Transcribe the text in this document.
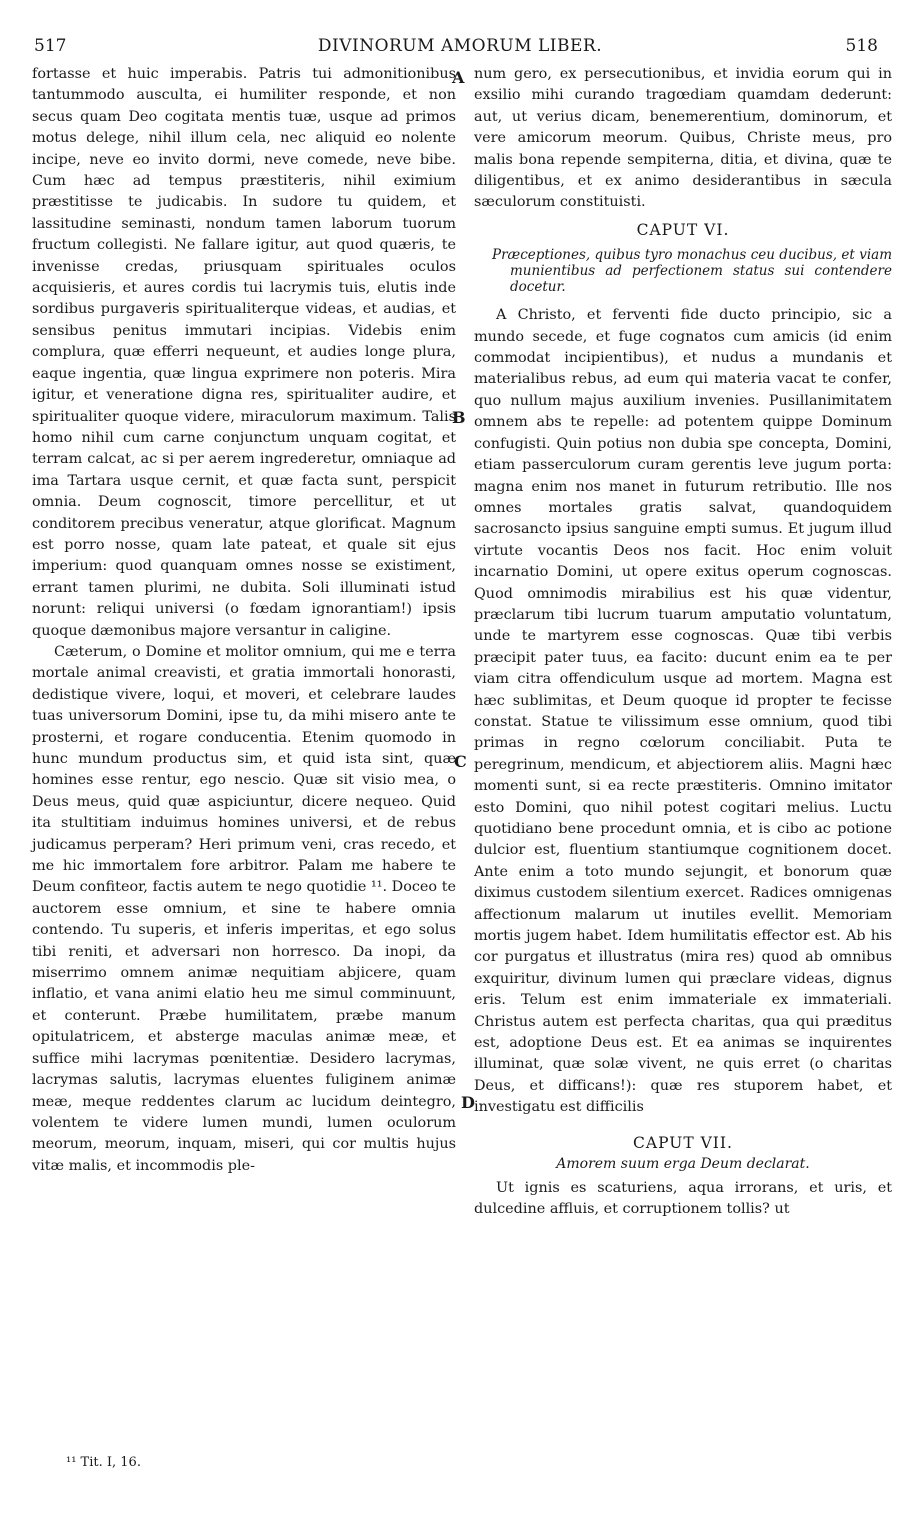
517	DIVINORUM AMORUM LIBER.	518
A
B
C
D

fortasse et huic imperabis. Patris tui admonitionibus tantummodo ausculta, ei humiliter responde, et non secus quam Deo cogitata mentis tuæ, usque ad primos motus delege, nihil illum cela, nec aliquid eo nolente incipe, neve eo invito dormi, neve comede, neve bibe. Cum hæc ad tempus præstiteris, nihil eximium præstitisse te judicabis. In sudore tu quidem, et lassitudine seminasti, nondum tamen laborum tuorum fructum collegisti. Ne fallare igitur, aut quod quæris, te invenisse credas, priusquam spirituales oculos acquisieris, et aures cordis tui lacrymis tuis, elutis inde sordibus purgaveris spiritualiterque videas, et audias, et sensibus penitus immutari incipias. Videbis enim complura, quæ efferri nequeunt, et audies longe plura, eaque ingentia, quæ lingua exprimere non poteris. Mira igitur, et veneratione digna res, spiritualiter audire, et spiritualiter quoque videre, miraculorum maximum. Talis homo nihil cum carne conjunctum unquam cogitat, et terram calcat, ac si per aerem ingrederetur, omniaque ad ima Tartara usque cernit, et quæ facta sunt, perspicit omnia. Deum cognoscit, timore percellitur, et ut conditorem precibus veneratur, atque glorificat. Magnum est porro nosse, quam late pateat, et quale sit ejus imperium: quod quanquam omnes nosse se existiment, errant tamen plurimi, ne dubita. Soli illuminati istud norunt: reliqui universi (o fœdam ignorantiam!) ipsis quoque dæmonibus majore versantur in caligine.

Cæterum, o Domine et molitor omnium, qui me e terra mortale animal creavisti, et gratia immortali honorasti, dedistique vivere, loqui, et moveri, et celebrare laudes tuas universorum Domini, ipse tu, da mihi misero ante te prosterni, et rogare conducentia. Etenim quomodo in hunc mundum productus sim, et quid ista sint, quæ homines esse rentur, ego nescio. Quæ sit visio mea, o Deus meus, quid quæ aspiciuntur, dicere nequeo. Quid ita stultitiam induimus homines universi, et de rebus judicamus perperam? Heri primum veni, cras recedo, et me hic immortalem fore arbitror. Palam me habere te Deum confiteor, factis autem te nego quotidie ¹¹. Doceo te auctorem esse omnium, et sine te habere omnia contendo. Tu superis, et inferis imperitas, et ego solus tibi reniti, et adversari non horresco. Da inopi, da miserrimo omnem animæ nequitiam abjicere, quam inflatio, et vana animi elatio heu me simul comminuunt, et conterunt. Præbe humilitatem, præbe manum opitulatricem, et absterge maculas animæ meæ, et suffice mihi lacrymas pœnitentiæ. Desidero lacrymas, lacrymas salutis, lacrymas eluentes fuliginem animæ meæ, meque reddentes clarum ac lucidum deintegro, volentem te videre lumen mundi, lumen oculorum meorum, meorum, inquam, miseri, qui cor multis hujus vitæ malis, et incommodis ple-

num gero, ex persecutionibus, et invidia eorum qui in exsilio mihi curando tragœdiam quamdam dederunt: aut, ut verius dicam, benemerentium, dominorum, et vere amicorum meorum. Quibus, Christe meus, pro malis bona repende sempiterna, ditia, et divina, quæ te diligentibus, et ex animo desiderantibus in sæcula sæculorum constituisti.

CAPUT VI.
Præceptiones, quibus tyro monachus ceu ducibus, et viam munientibus ad perfectionem status sui contendere docetur.

A Christo, et ferventi fide ducto principio, sic a mundo secede, et fuge cognatos cum amicis (id enim commodat incipientibus), et nudus a mundanis et materialibus rebus, ad eum qui materia vacat te confer, quo nullum majus auxilium invenies. Pusillanimitatem omnem abs te repelle: ad potentem quippe Dominum confugisti. Quin potius non dubia spe concepta, Domini, etiam passerculorum curam gerentis leve jugum porta: magna enim nos manet in futurum retributio. Ille nos omnes mortales gratis salvat, quandoquidem sacrosancto ipsius sanguine empti sumus. Et jugum illud virtute vocantis Deos nos facit. Hoc enim voluit incarnatio Domini, ut opere exitus operum cognoscas. Quod omnimodis mirabilius est his quæ videntur, præclarum tibi lucrum tuarum amputatio voluntatum, unde te martyrem esse cognoscas. Quæ tibi verbis præcipit pater tuus, ea facito: ducunt enim ea te per viam citra offendiculum usque ad mortem. Magna est hæc sublimitas, et Deum quoque id propter te fecisse constat. Statue te vilissimum esse omnium, quod tibi primas in regno cœlorum conciliabit. Puta te peregrinum, mendicum, et abjectiorem aliis. Magni hæc momenti sunt, si ea recte præstiteris. Omnino imitator esto Domini, quo nihil potest cogitari melius. Luctu quotidiano bene procedunt omnia, et is cibo ac potione dulcior est, fluentium stantiumque cognitionem docet. Ante enim a toto mundo sejungit, et bonorum quæ diximus custodem silentium exercet. Radices omnigenas affectionum malarum ut inutiles evellit. Memoriam mortis jugem habet. Idem humilitatis effector est. Ab his cor purgatus et illustratus (mira res) quod ab omnibus exquiritur, divinum lumen qui præclare videas, dignus eris. Telum est enim immateriale ex immateriali. Christus autem est perfecta charitas, qua qui præditus est, adoptione Deus est. Et ea animas se inquirentes illuminat, quæ solæ vivent, ne quis erret (o charitas Deus, et difficans!): quæ res stuporem habet, et investigatu est difficilis

CAPUT VII.
Amorem suum erga Deum declarat.

Ut ignis es scaturiens, aqua irrorans, et uris, et dulcedine affluis, et corruptionem tollis? ut

¹¹ Tit. I, 16.
